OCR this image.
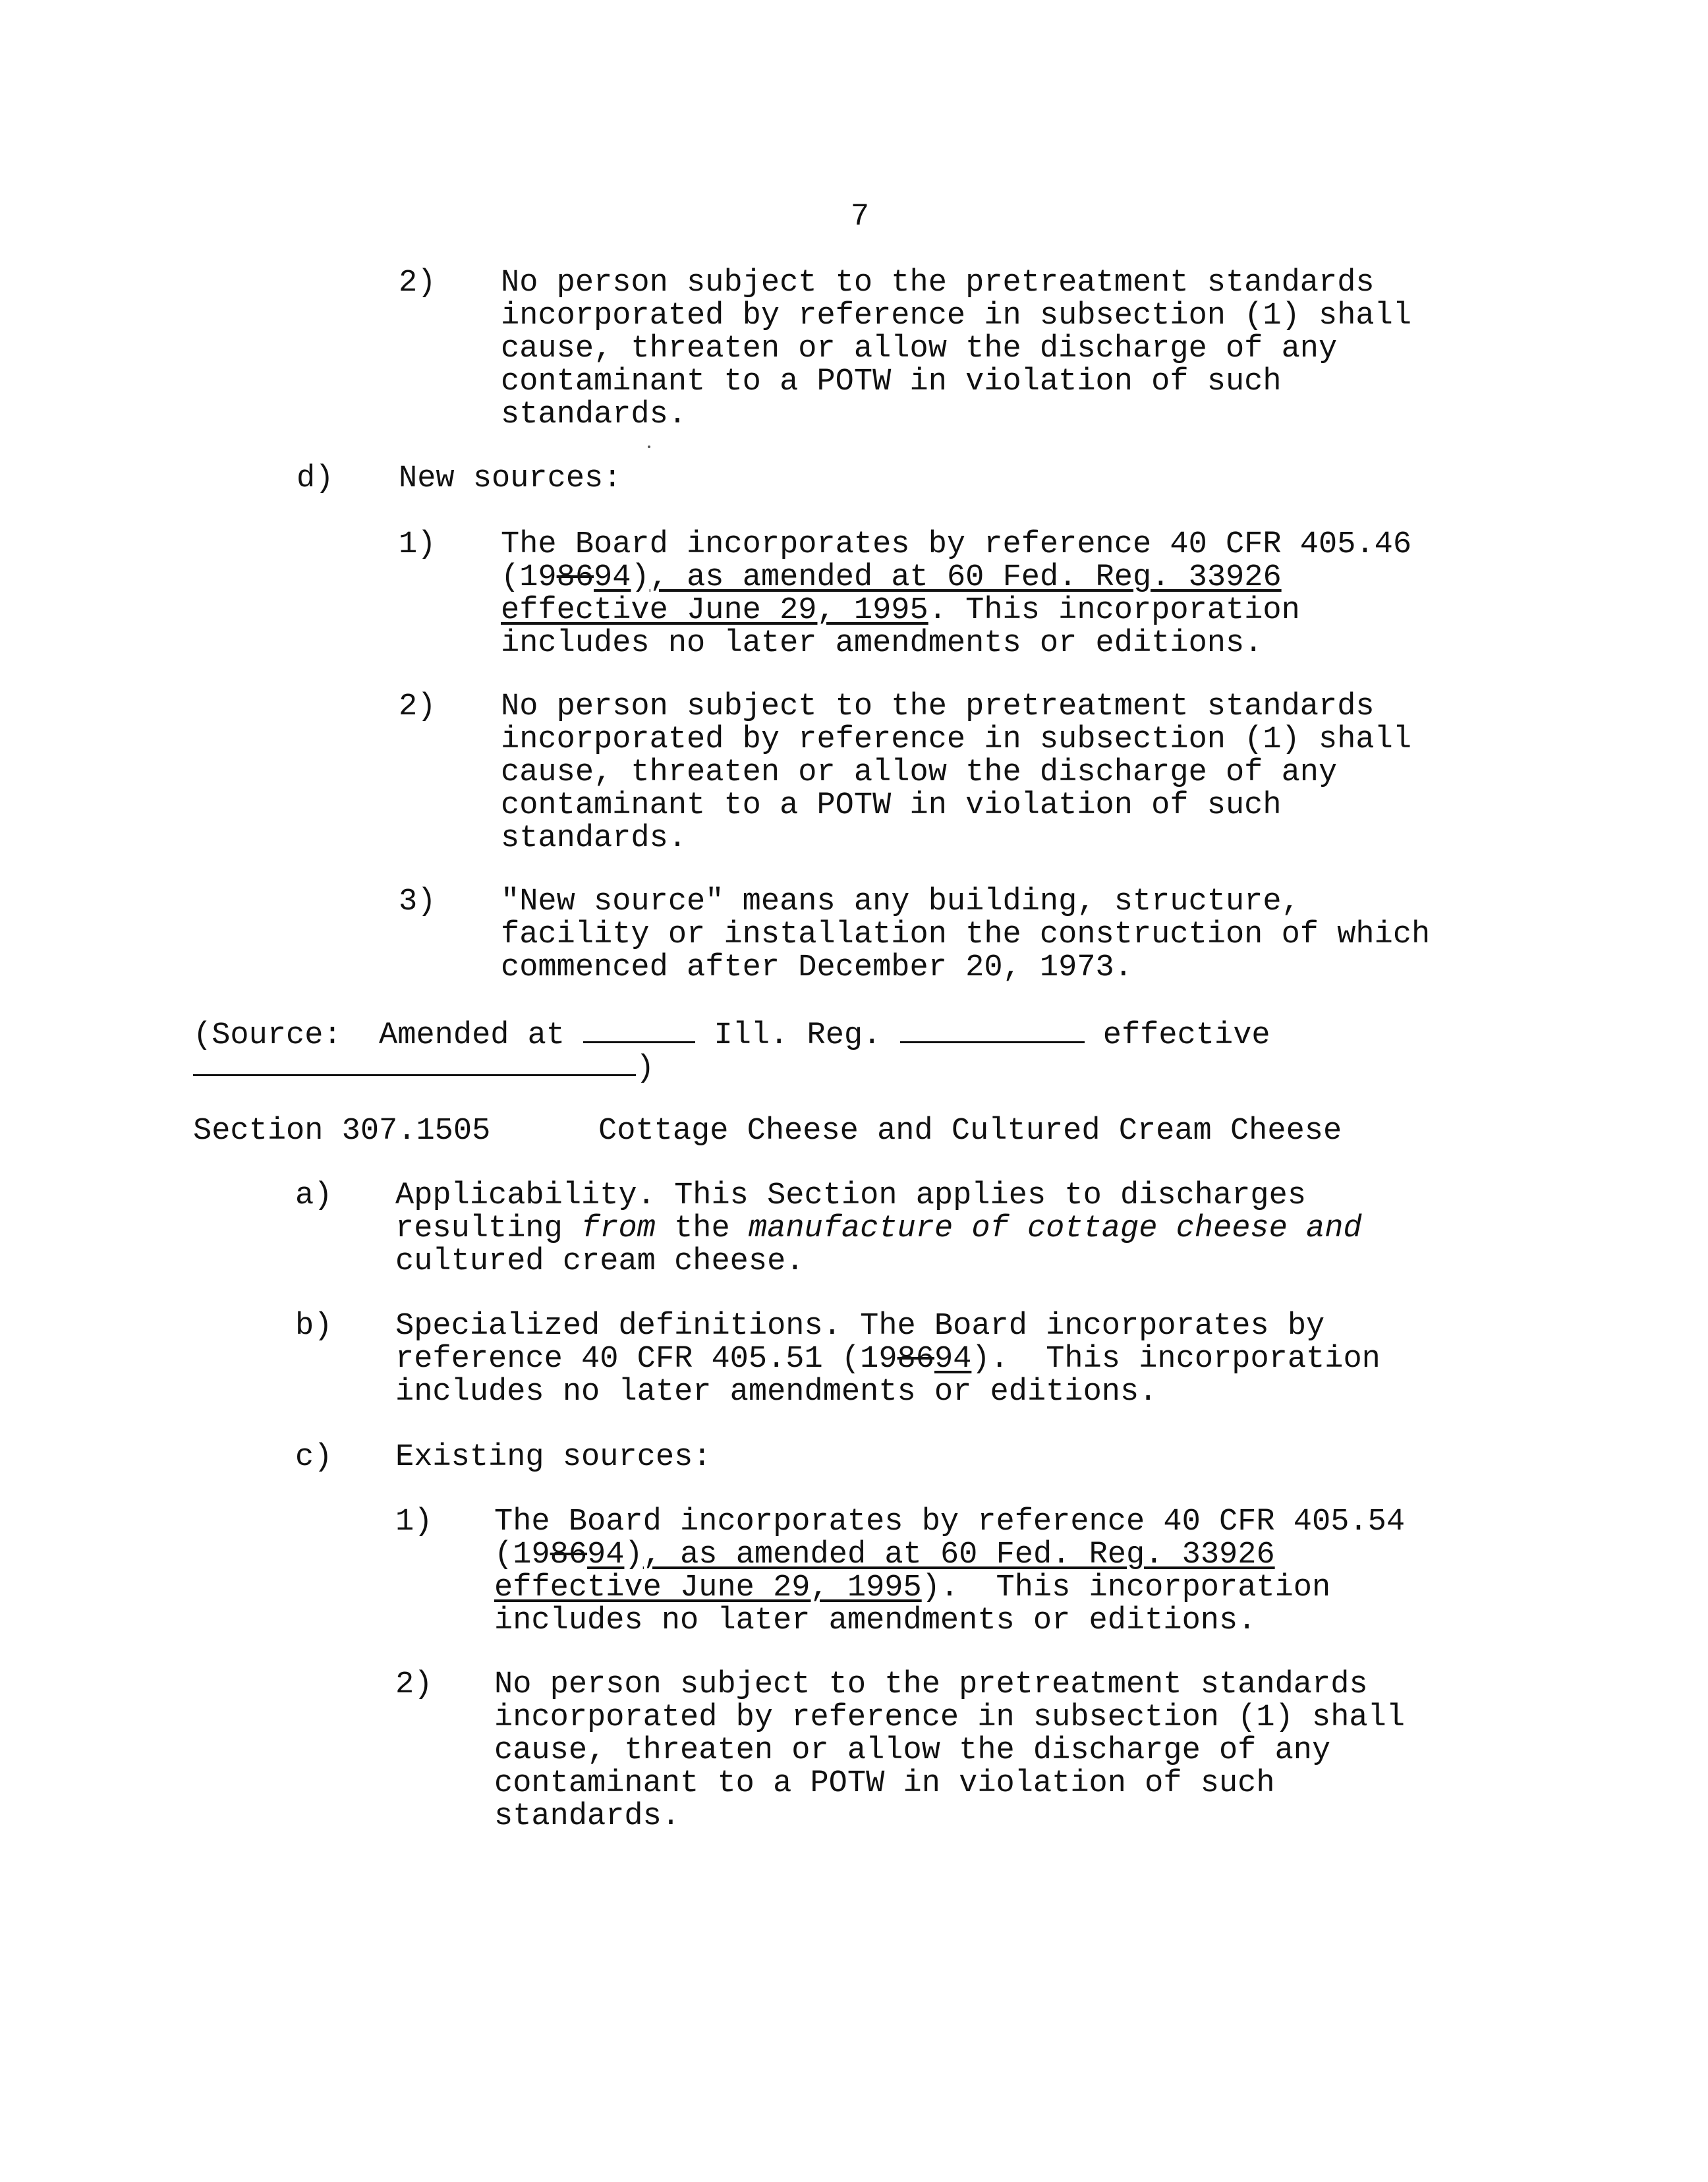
7
2) No person subject to the pretreatment standards
incorporated by reference in subsection (1) shall
cause, threaten or allow the discharge of any
contaminant to a POTW in violation of such
standards.
d) New sources:
1) The Board incorporates by reference 40 CFR 405.46
(198694), as amended at 60 Fed. Reg. 33926
effective June 29, 1995. This incorporation
includes no later amendments or editions.
2) No person subject to the pretreatment standards
incorporated by reference in subsection (1) shall
cause, threaten or allow the discharge of any
contaminant to a POTW in violation of such
standards.
3) "New source" means any building, structure,
facility or installation the construction of which
commenced after December 20, 1973.
(Source:  Amended at	Ill. Reg.	effective
)
Section 307.1505	Cottage Cheese and Cultured Cream Cheese
a) Applicability. This Section applies to discharges
resulting from the manufacture of cottage cheese and
cultured cream cheese.
b) Specialized definitions. The Board incorporates by
reference 40 CFR 405.51 (198694).  This incorporation
includes no later amendments or editions.
c) Existing sources:
1) The Board incorporates by reference 40 CFR 405.54
(198694), as amended at 60 Fed. Reg. 33926
effective June 29, 1995).  This incorporation
includes no later amendments or editions.
2) No person subject to the pretreatment standards
incorporated by reference in subsection (1) shall
cause, threaten or allow the discharge of any
contaminant to a POTW in violation of such
standards.
